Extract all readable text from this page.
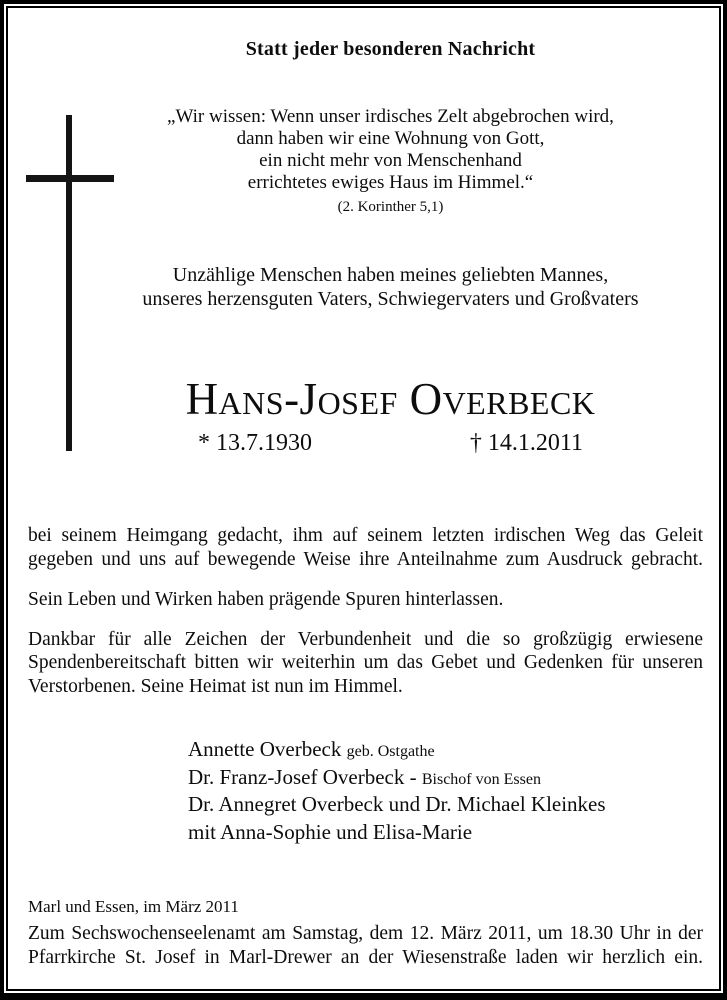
Statt jeder besonderen Nachricht
„Wir wissen: Wenn unser irdisches Zelt abgebrochen wird,
dann haben wir eine Wohnung von Gott,
ein nicht mehr von Menschenhand
errichtetes ewiges Haus im Himmel.“
(2. Korinther 5,1)
Unzählige Menschen haben meines geliebten Mannes,
unseres herzensguten Vaters, Schwiegervaters und Großvaters
Hans-Josef Overbeck
* 13.7.1930	† 14.1.2011

bei seinem Heimgang gedacht, ihm auf seinem letzten irdischen Weg das Geleit gegeben und uns auf bewegende Weise ihre Anteilnahme zum Ausdruck gebracht.

Sein Leben und Wirken haben prägende Spuren hinterlassen.

Dankbar für alle Zeichen der Verbundenheit und die so großzügig erwiesene Spendenbereitschaft bitten wir weiterhin um das Gebet und Gedenken für unseren Verstorbenen. Seine Heimat ist nun im Himmel.

Annette Overbeck geb. Ostgathe
Dr. Franz-Josef Overbeck - Bischof von Essen
Dr. Annegret Overbeck und Dr. Michael Kleinkes
mit Anna-Sophie und Elisa-Marie
Marl und Essen, im März 2011

Zum Sechswochenseelenamt am Samstag, dem 12. März 2011, um 18.30 Uhr in der Pfarrkirche St. Josef in Marl-Drewer an der Wiesenstraße laden wir herzlich ein.
